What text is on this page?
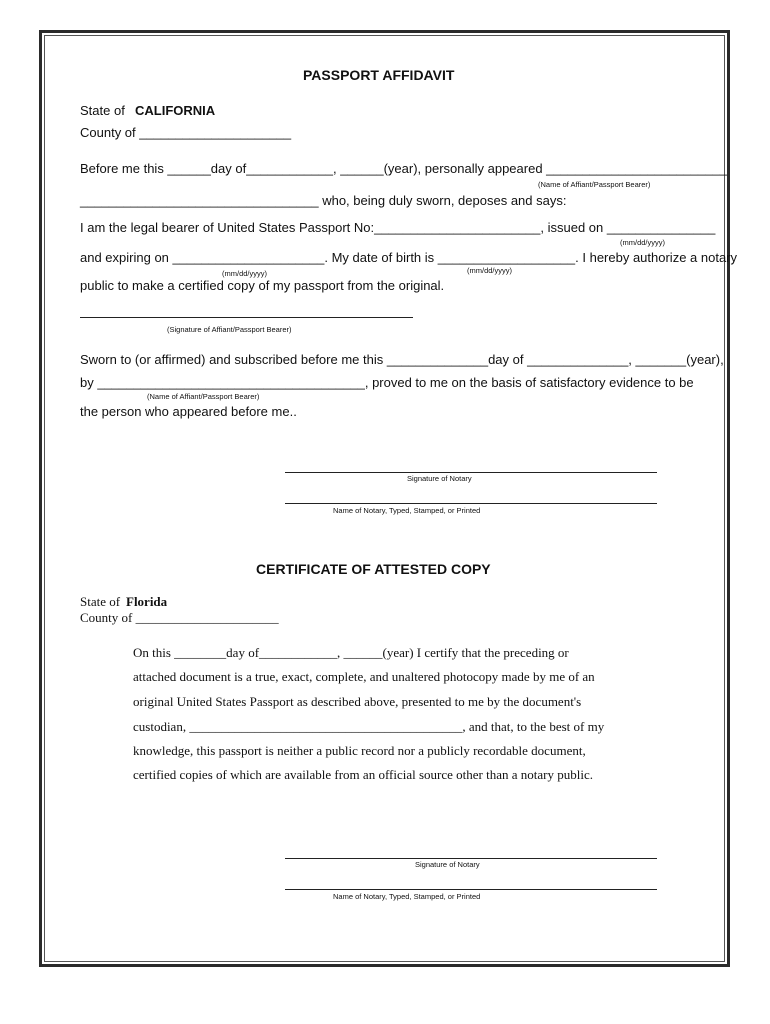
PASSPORT AFFIDAVIT
State of CALIFORNIA
County of _____________________
Before me this ______day of____________, ______(year), personally appeared _________________________
(Name of Affiant/Passport Bearer)
_________________________________ who, being duly sworn, deposes and says:
I am the legal bearer of United States Passport No:_______________________, issued on _______________
(mm/dd/yyyy)
and expiring on _____________________. My date of birth is ___________________. I hereby authorize a notary
(mm/dd/yyyy)	(mm/dd/yyyy)
public to make a certified copy of my passport from the original.
(Signature of Affiant/Passport Bearer)
Sworn to (or affirmed) and subscribed before me this ______________day of ______________, _______(year),
by _____________________________________, proved to me on the basis of satisfactory evidence to be
(Name of Affiant/Passport Bearer)
the person who appeared before me..
Signature of Notary
Name of Notary, Typed, Stamped, or Printed
CERTIFICATE OF ATTESTED COPY
State of Florida
County of ______________________
On this ________day of____________, ______(year) I certify that the preceding or
attached document is a true, exact, complete, and unaltered photocopy made by me of an
original United States Passport as described above, presented to me by the document's
custodian, __________________________________________, and that, to the best of my
knowledge, this passport is neither a public record nor a publicly recordable document,
certified copies of which are available from an official source other than a notary public.
Signature of Notary
Name of Notary, Typed, Stamped, or Printed
